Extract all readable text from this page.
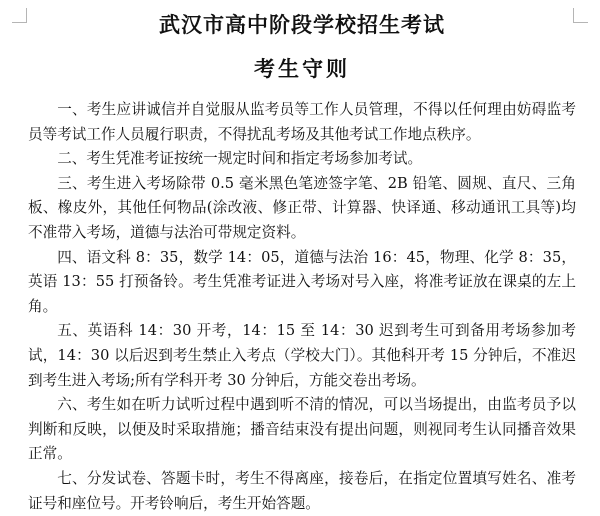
武汉市高中阶段学校招生考试
考生守则

一、考生应讲诚信并自觉服从监考员等工作人员管理，不得以任何理由妨碍监考员等考试工作人员履行职责，不得扰乱考场及其他考试工作地点秩序。

二、考生凭准考证按统一规定时间和指定考场参加考试。

三、考生进入考场除带 0.5 毫米黑色笔迹签字笔、2B 铅笔、圆规、直尺、三角板、橡皮外，其他任何物品(涂改液、修正带、计算器、快译通、移动通讯工具等)均不准带入考场，道德与法治可带规定资料。

四、语文科 8：35，数学 14：05，道德与法治 16：45，物理、化学 8：35，英语 13：55 打预备铃。考生凭准考证进入考场对号入座，将准考证放在课桌的左上角。

五、英语科 14：30 开考，14：15 至 14：30 迟到考生可到备用考场参加考试，14：30 以后迟到考生禁止入考点（学校大门）。其他科开考 15 分钟后，不准迟到考生进入考场;所有学科开考 30 分钟后，方能交卷出考场。

六、考生如在听力试听过程中遇到听不清的情况，可以当场提出，由监考员予以判断和反映，以便及时采取措施；播音结束没有提出问题，则视同考生认同播音效果正常。

七、分发试卷、答题卡时，考生不得离座，接卷后，在指定位置填写姓名、准考证号和座位号。开考铃响后，考生开始答题。
